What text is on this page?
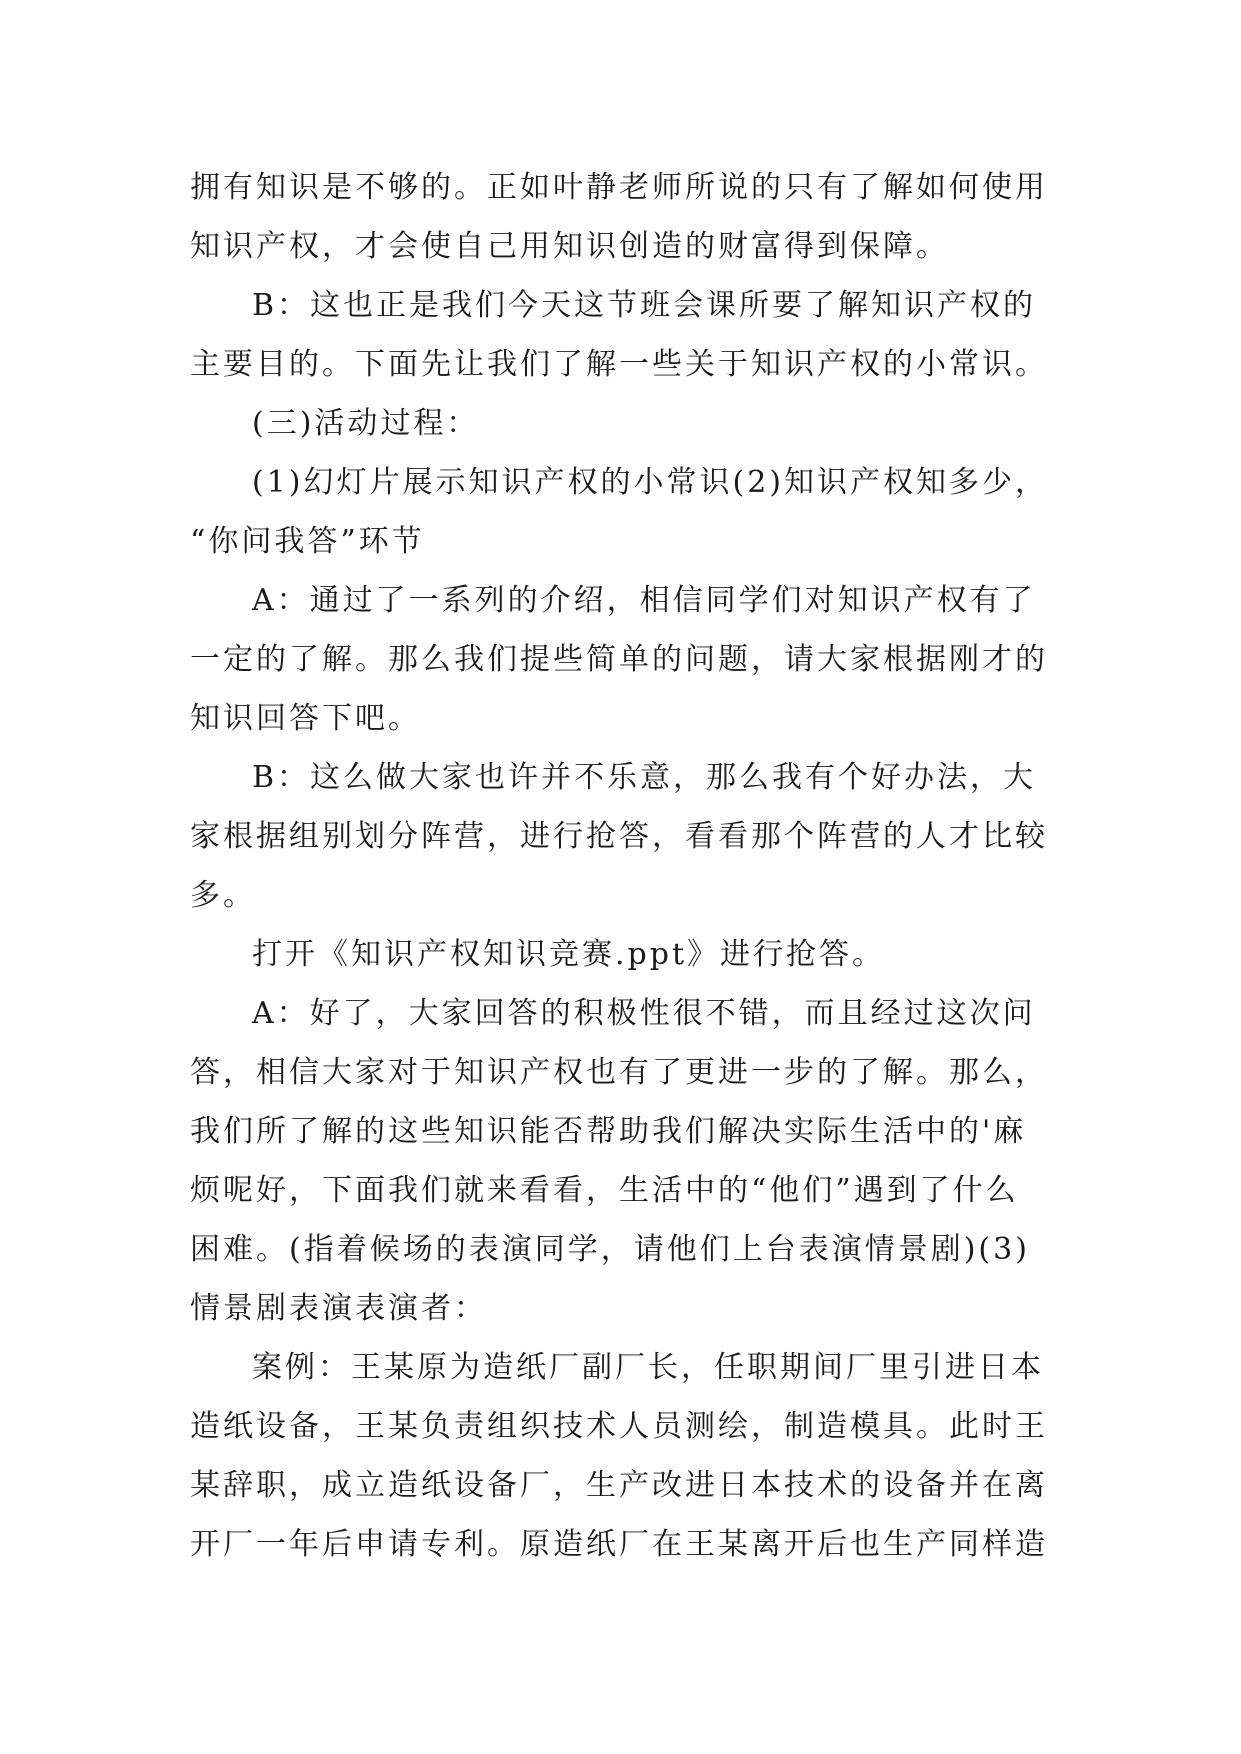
拥有知识是不够的。正如叶静老师所说的只有了解如何使用
知识产权，才会使自己用知识创造的财富得到保障。
B：这也正是我们今天这节班会课所要了解知识产权的
主要目的。下面先让我们了解一些关于知识产权的小常识。
(三)活动过程：
(1)幻灯片展示知识产权的小常识(2)知识产权知多少，
“你问我答”环节
A：通过了一系列的介绍，相信同学们对知识产权有了
一定的了解。那么我们提些简单的问题，请大家根据刚才的
知识回答下吧。
B：这么做大家也许并不乐意，那么我有个好办法，大
家根据组别划分阵营，进行抢答，看看那个阵营的人才比较
多。
打开《知识产权知识竞赛.ppt》进行抢答。
A：好了，大家回答的积极性很不错，而且经过这次问
答，相信大家对于知识产权也有了更进一步的了解。那么，
我们所了解的这些知识能否帮助我们解决实际生活中的'麻
烦呢好，下面我们就来看看，生活中的“他们”遇到了什么
困难。(指着候场的表演同学，请他们上台表演情景剧)(3)
情景剧表演表演者：
案例：王某原为造纸厂副厂长，任职期间厂里引进日本
造纸设备，王某负责组织技术人员测绘，制造模具。此时王
某辞职，成立造纸设备厂，生产改进日本技术的设备并在离
开厂一年后申请专利。原造纸厂在王某离开后也生产同样造
